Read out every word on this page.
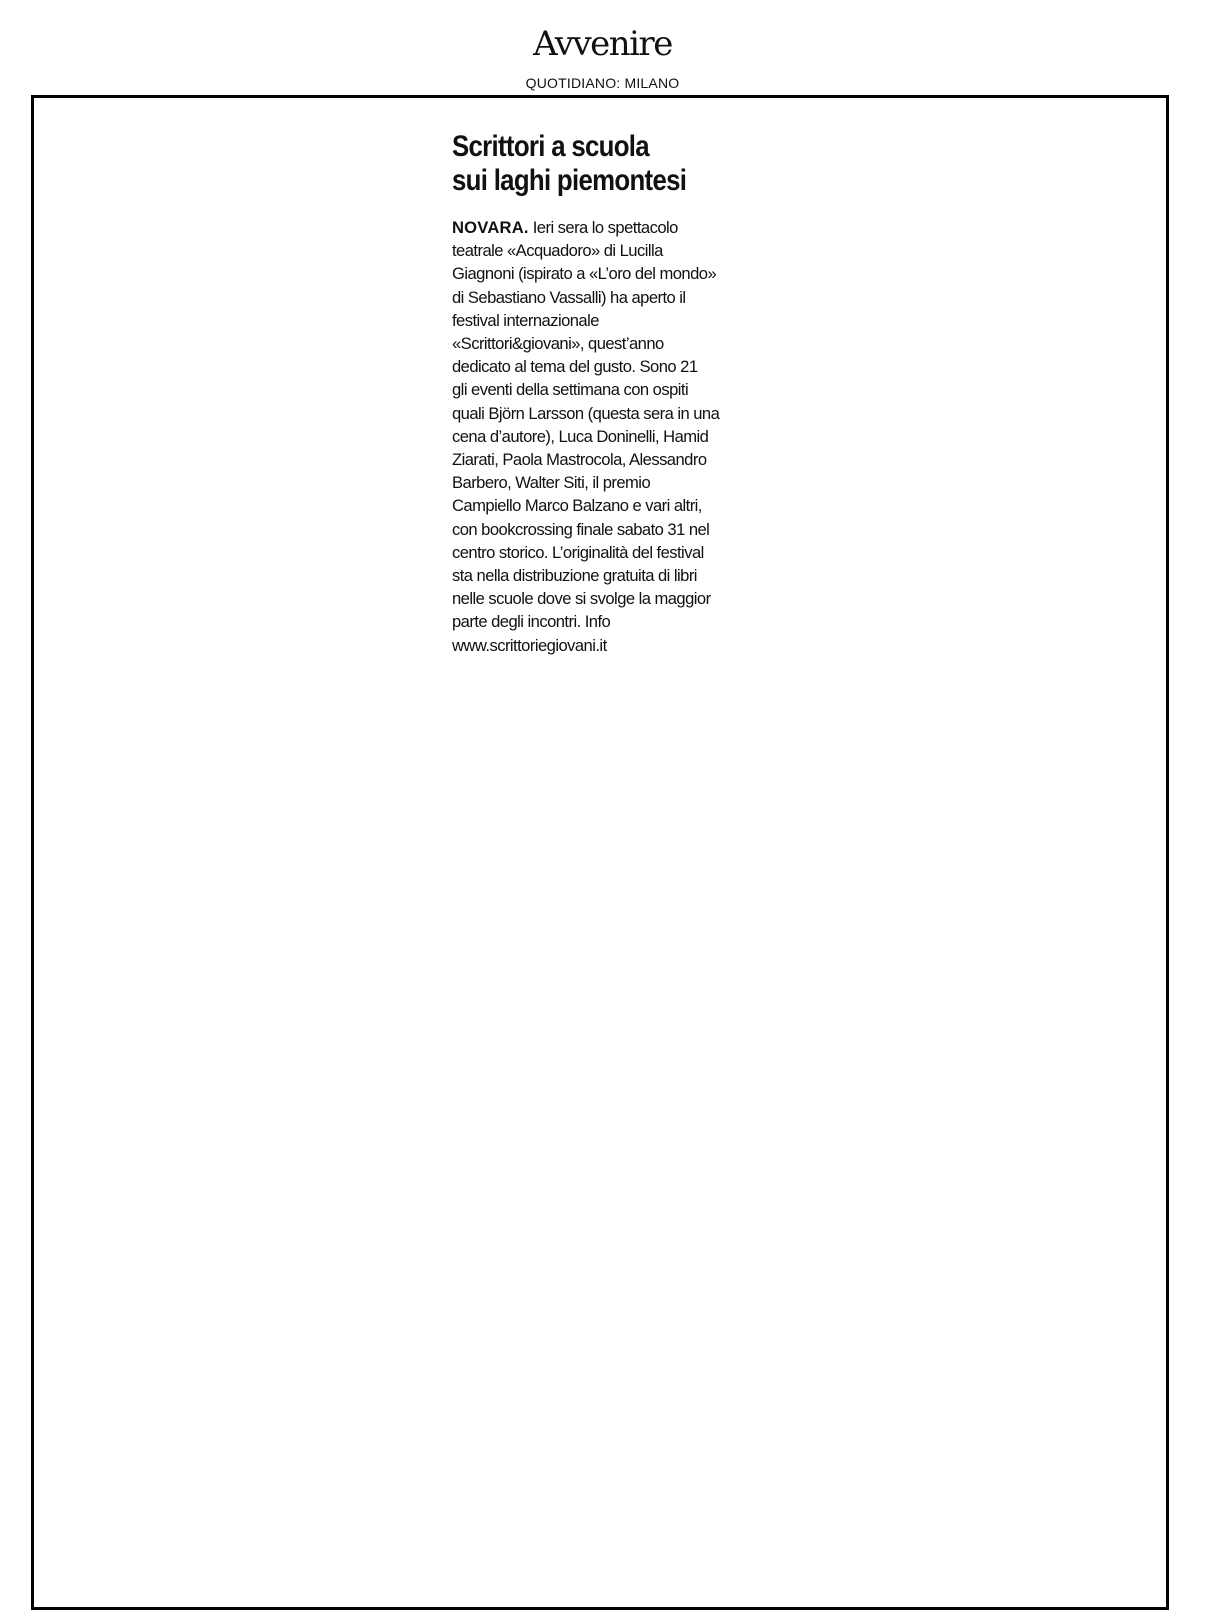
Avvenire
QUOTIDIANO: MILANO
Scrittori a scuola
sui laghi piemontesi

NOVARA. Ieri sera lo spettacolo
teatrale «Acquadoro» di Lucilla
Giagnoni (ispirato a «L’oro del mondo»
di Sebastiano Vassalli) ha aperto il
festival internazionale
«Scrittori&giovani», quest’anno
dedicato al tema del gusto. Sono 21
gli eventi della settimana con ospiti
quali Björn Larsson (questa sera in una
cena d’autore), Luca Doninelli, Hamid
Ziarati, Paola Mastrocola, Alessandro
Barbero, Walter Siti, il premio
Campiello Marco Balzano e vari altri,
con bookcrossing finale sabato 31 nel
centro storico. L’originalità del festival
sta nella distribuzione gratuita di libri
nelle scuole dove si svolge la maggior
parte degli incontri. Info
www.scrittoriegiovani.it
